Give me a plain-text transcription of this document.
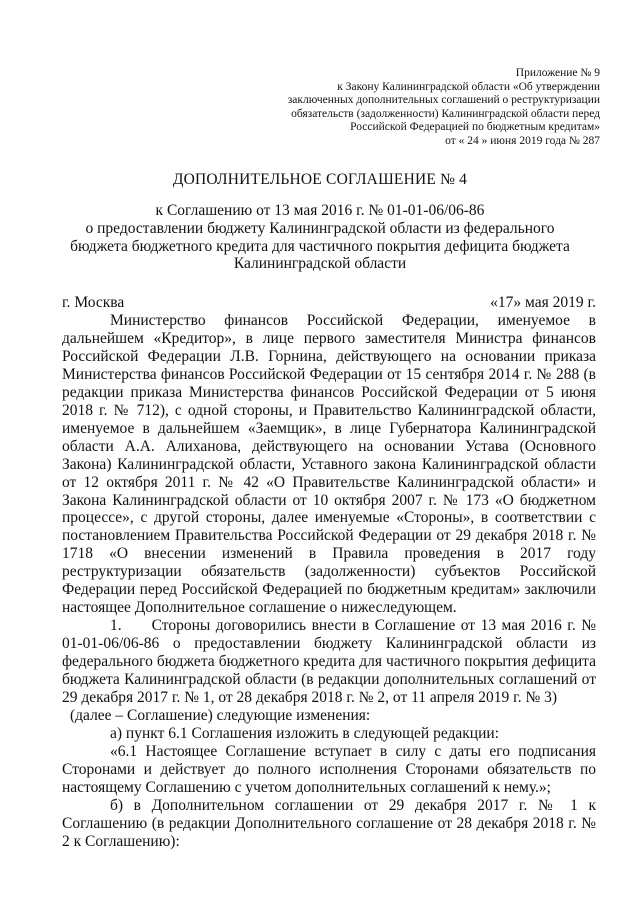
Приложение № 9
к Закону Калининградской области «Об утверждении
заключенных дополнительных соглашений о реструктуризации
обязательств (задолженности) Калининградской области перед
Российской Федерацией по бюджетным кредитам»
от « 24 » июня 2019 года № 287
ДОПОЛНИТЕЛЬНОЕ СОГЛАШЕНИЕ № 4
к Соглашению от 13 мая 2016 г. № 01-01-06/06-86
о предоставлении бюджету Калининградской области из федерального
бюджета бюджетного кредита для частичного покрытия дефицита бюджета
Калининградской области
г. Москва	«17» мая 2019 г.

Министерство финансов Российской Федерации, именуемое в дальнейшем «Кредитор», в лице первого заместителя Министра финансов Российской Федерации Л.В. Горнина, действующего на основании приказа Министерства финансов Российской Федерации от 15 сентября 2014 г. № 288 (в редакции приказа Министерства финансов Российской Федерации от 5 июня 2018 г. № 712), с одной стороны, и Правительство Калининградской области, именуемое в дальнейшем «Заемщик», в лице Губернатора Калининградской области А.А. Алиханова, действующего на основании Устава (Основного Закона) Калининградской области, Уставного закона Калининградской области от 12 октября 2011 г. № 42 «О Правительстве Калининградской области» и Закона Калининградской области от 10 октября 2007 г. № 173 «О бюджетном процессе», с другой стороны, далее именуемые «Стороны», в соответствии с постановлением Правительства Российской Федерации от 29 декабря 2018 г. № 1718 «О внесении изменений в Правила проведения в 2017 году реструктуризации обязательств (задолженности) субъектов Российской Федерации перед Российской Федерацией по бюджетным кредитам» заключили настоящее Дополнительное соглашение о нижеследующем.

1. Стороны договорились внести в Соглашение от 13 мая 2016 г. № 01-01-06/06-86 о предоставлении бюджету Калининградской области из федерального бюджета бюджетного кредита для частичного покрытия дефицита бюджета Калининградской области (в редакции дополнительных соглашений от 29 декабря 2017 г. № 1, от 28 декабря 2018 г. № 2, от 11 апреля 2019 г. № 3)

(далее – Соглашение) следующие изменения:

а) пункт 6.1 Соглашения изложить в следующей редакции:

«6.1 Настоящее Соглашение вступает в силу с даты его подписания Сторонами и действует до полного исполнения Сторонами обязательств по настоящему Соглашению с учетом дополнительных соглашений к нему.»;

б) в Дополнительном соглашении от 29 декабря 2017 г. № 1 к Соглашению (в редакции Дополнительного соглашение от 28 декабря 2018 г. № 2 к Соглашению):
